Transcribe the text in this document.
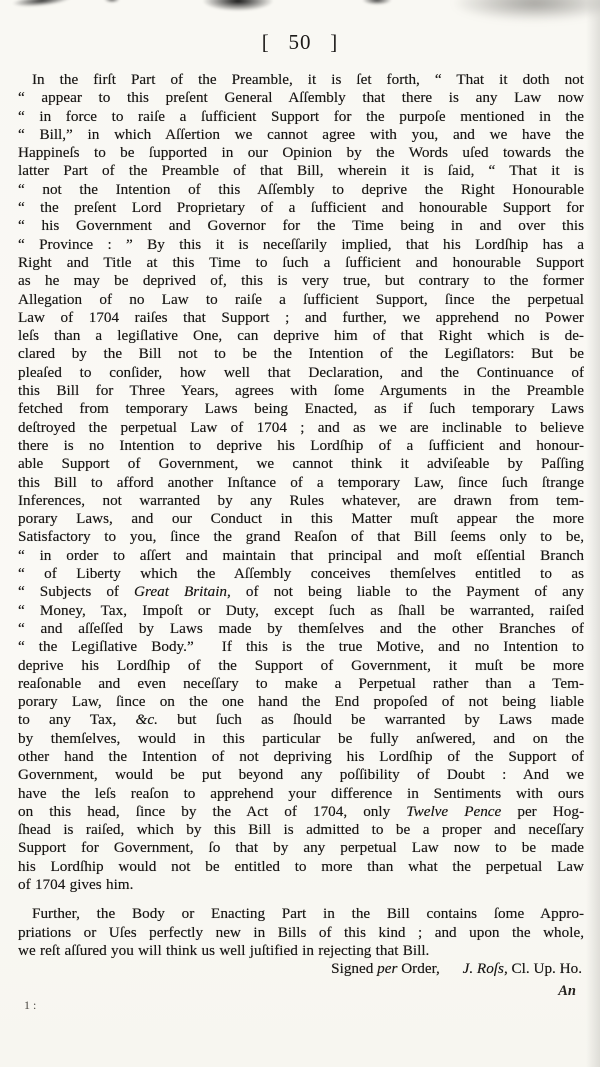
[   50   ]
In the firſt Part of the Preamble, it is ſet forth, “ That it doth not
“ appear to this preſent General Aſſembly that there is any Law now
“ in force to raiſe a ſufficient Support for the purpoſe mentioned in the
“ Bill,” in which Aſſertion we cannot agree with you, and we have the
Happineſs to be ſupported in our Opinion by the Words uſed towards the
latter Part of the Preamble of that Bill, wherein it is ſaid, “ That it is
“ not the Intention of this Aſſembly to deprive the Right Honourable
“ the preſent Lord Proprietary of a ſufficient and honourable Support for
“ his Government and Governor for the Time being in and over this
“ Province : ” By this it is neceſſarily implied, that his Lordſhip has a
Right and Title at this Time to ſuch a ſufficient and honourable Support
as he may be deprived of, this is very true, but contrary to the former
Allegation of no Law to raiſe a ſufficient Support, ſince the perpetual
Law of 1704 raiſes that Support ; and further, we apprehend no Power
leſs than a legiſlative One, can deprive him of that Right which is de-
clared by the Bill not to be the Intention of the Legiſlators: But be
pleaſed to conſider, how well that Declaration, and the Continuance of
this Bill for Three Years, agrees with ſome Arguments in the Preamble
fetched from temporary Laws being Enacted, as if ſuch temporary Laws
deſtroyed the perpetual Law of 1704 ; and as we are inclinable to believe
there is no Intention to deprive his Lordſhip of a ſufficient and honour-
able Support of Government, we cannot think it adviſeable by Paſſing
this Bill to afford another Inſtance of a temporary Law, ſince ſuch ſtrange
Inferences, not warranted by any Rules whatever, are drawn from tem-
porary Laws, and our Conduct in this Matter muſt appear the more
Satisfactory to you, ſince the grand Reaſon of that Bill ſeems only to be,
“ in order to aſſert and maintain that principal and moſt eſſential Branch
“ of Liberty which the Aſſembly conceives themſelves entitled to as
“ Subjects of Great Britain, of not being liable to the Payment of any
“ Money, Tax, Impoſt or Duty, except ſuch as ſhall be warranted, raiſed
“ and aſſeſſed by Laws made by themſelves and the other Branches of
“ the Legiſlative Body.”  If this is the true Motive, and no Intention to
deprive his Lordſhip of the Support of Government, it muſt be more
reaſonable and even neceſſary to make a Perpetual rather than a Tem-
porary Law, ſince on the one hand the End propoſed of not being liable
to any Tax, &c. but ſuch as ſhould be warranted by Laws made
by themſelves, would in this particular be fully anſwered, and on the
other hand the Intention of not depriving his Lordſhip of the Support of
Government, would be put beyond any poſſibility of Doubt : And we
have the leſs reaſon to apprehend your difference in Sentiments with ours
on this head, ſince by the Act of 1704, only Twelve Pence per Hog-
ſhead is raiſed, which by this Bill is admitted to be a proper and neceſſary
Support for Government, ſo that by any perpetual Law now to be made
his Lordſhip would not be entitled to more than what the perpetual Law
of 1704 gives him.
Further, the Body or Enacting Part in the Bill contains ſome Appro-
priations or Uſes perfectly new in Bills of this kind ; and upon the whole,
we reſt aſſured you will think us well juſtified in rejecting that Bill.
Signed per Order,   J. Roſs, Cl. Up. Ho.
An
1 :
